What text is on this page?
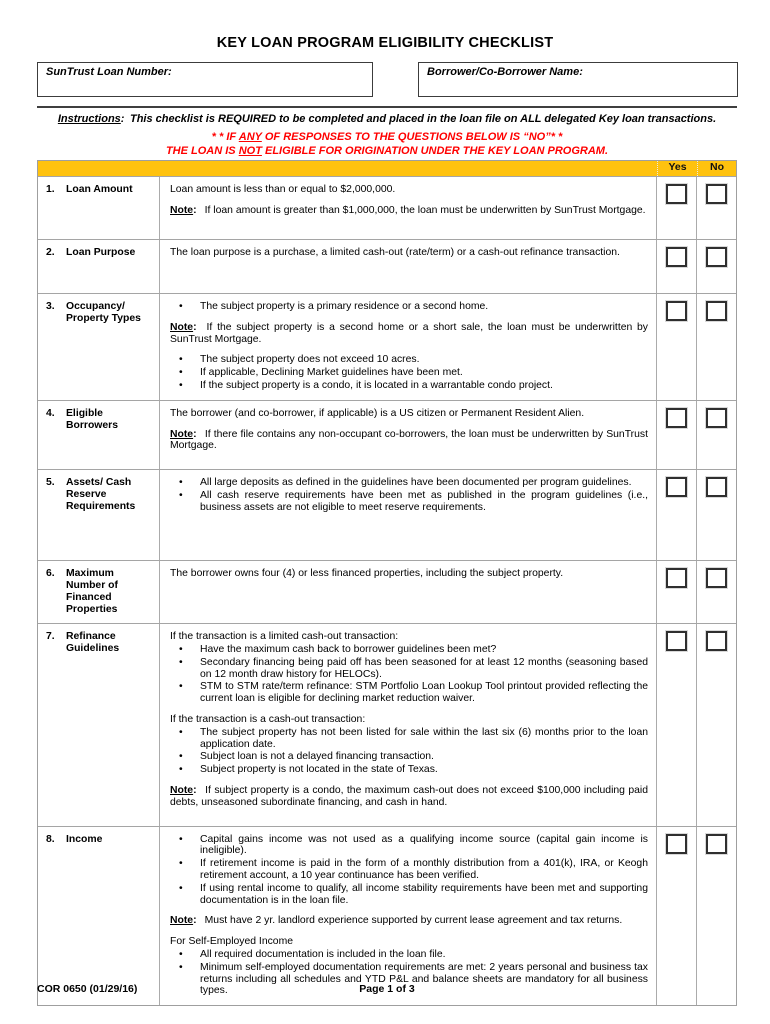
KEY LOAN PROGRAM ELIGIBILITY CHECKLIST
SunTrust Loan Number:	Borrower/Co-Borrower Name:
Instructions: This checklist is REQUIRED to be completed and placed in the loan file on ALL delegated Key loan transactions.
* * IF ANY OF RESPONSES TO THE QUESTIONS BELOW IS “NO”* *
THE LOAN IS NOT ELIGIBLE FOR ORIGINATION UNDER THE KEY LOAN PROGRAM.
Yes	No
1.	Loan Amount	Loan amount is less than or equal to $2,000,000.
Note:  If loan amount is greater than $1,000,000, the loan must be underwritten by SunTrust Mortgage.
2.	Loan Purpose	The loan purpose is a purchase, a limited cash-out (rate/term) or a cash-out refinance transaction.
3.	Occupancy/ Property Types
•	The subject property is a primary residence or a second home.
Note:  If the subject property is a second home or a short sale, the loan must be underwritten by SunTrust Mortgage.
•	The subject property does not exceed 10 acres.
•	If applicable, Declining Market guidelines have been met.
•	If the subject property is a condo, it is located in a warrantable condo project.
4.	Eligible Borrowers
The borrower (and co-borrower, if applicable) is a US citizen or Permanent Resident Alien.
Note:  If there file contains any non-occupant co-borrowers, the loan must be underwritten by SunTrust Mortgage.
5.	Assets/ Cash Reserve Requirements
•	All large deposits as defined in the guidelines have been documented per program guidelines.
•	All cash reserve requirements have been met as published in the program guidelines (i.e., business assets are not eligible to meet reserve requirements.
6.	Maximum Number of Financed Properties
The borrower owns four (4) or less financed properties, including the subject property.
7.	Refinance Guidelines
If the transaction is a limited cash-out transaction:
•	Have the maximum cash back to borrower guidelines been met?
•	Secondary financing being paid off has been seasoned for at least 12 months (seasoning based on 12 month draw history for HELOCs).
•	STM to STM rate/term refinance: STM Portfolio Loan Lookup Tool printout provided reflecting the current loan is eligible for declining market reduction waiver.
If the transaction is a cash-out transaction:
•	The subject property has not been listed for sale within the last six (6) months prior to the loan application date.
•	Subject loan is not a delayed financing transaction.
•	Subject property is not located in the state of Texas.
Note:  If subject property is a condo, the maximum cash-out does not exceed $100,000 including paid debts, unseasoned subordinate financing, and cash in hand.
8.	Income	•	Capital gains income was not used as a qualifying income source (capital gain income is ineligible).
•	If retirement income is paid in the form of a monthly distribution from a 401(k), IRA, or Keogh retirement account, a 10 year continuance has been verified.
•	If using rental income to qualify, all income stability requirements have been met and supporting documentation is in the loan file.
Note:  Must have 2 yr. landlord experience supported by current lease agreement and tax returns.
For Self-Employed Income
•	All required documentation is included in the loan file.
•	Minimum self-employed documentation requirements are met: 2 years personal and business tax returns including all schedules and YTD P&L and balance sheets are mandatory for all business types.
COR 0650 (01/29/16)	Page 1 of 3
